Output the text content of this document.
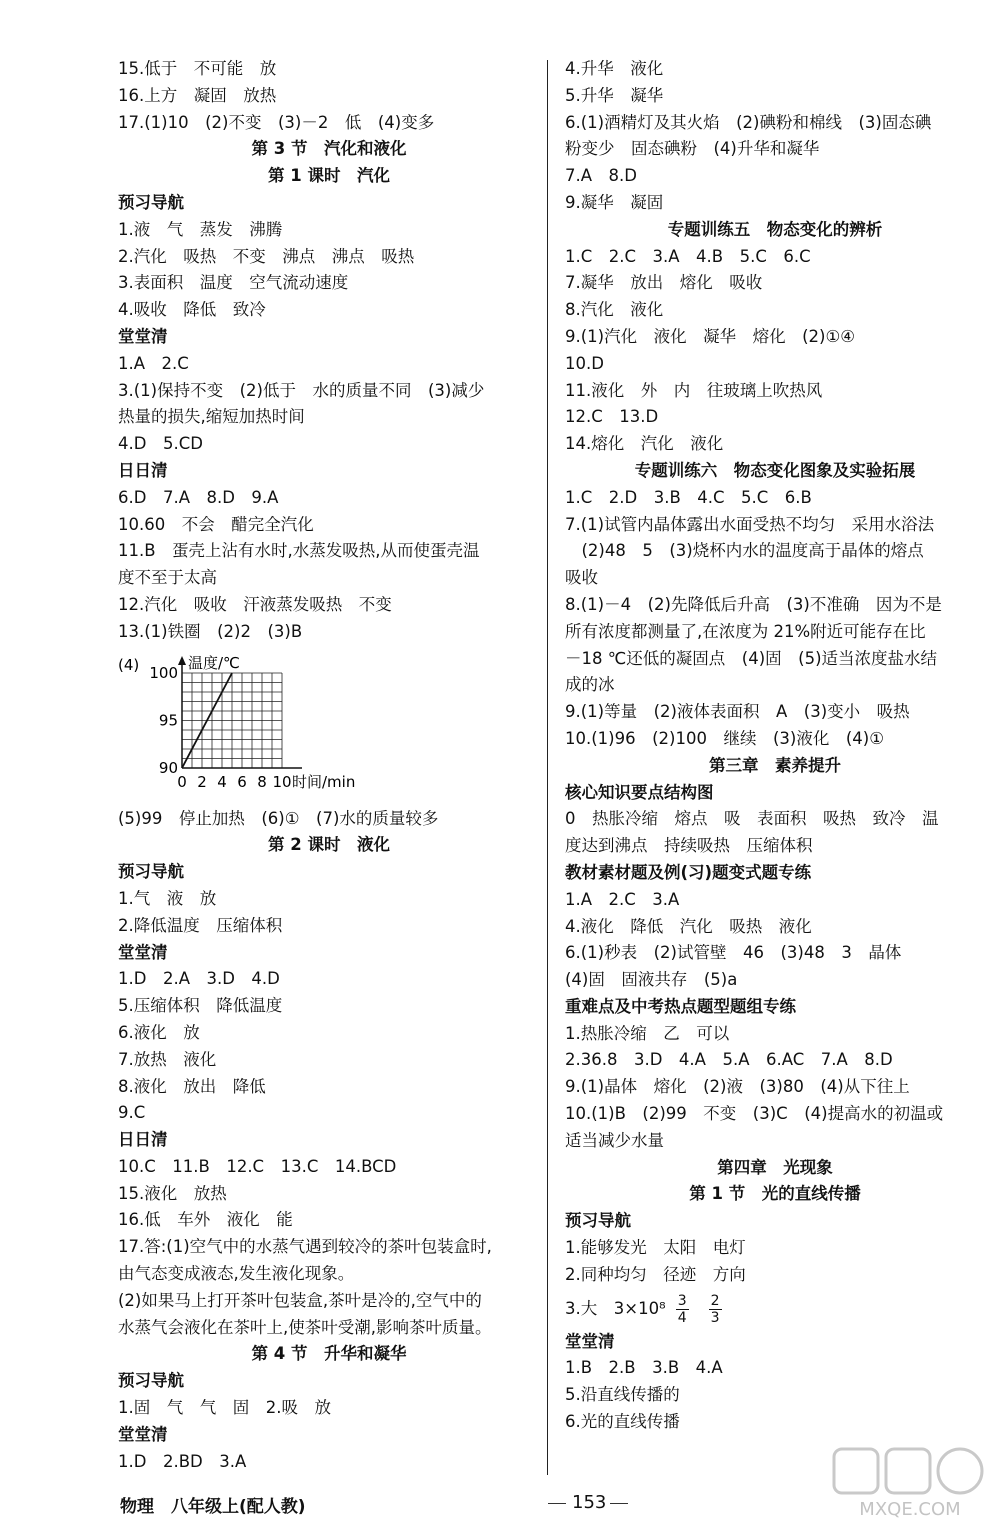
15.低于　不可能　放

16.上方　凝固　放热

17.(1)10　(2)不变　(3)－2　低　(4)变多

第 3 节　汽化和液化

第 1 课时　汽化

预习导航

1.液　气　蒸发　沸腾

2.汽化　吸热　不变　沸点　沸点　吸热

3.表面积　温度　空气流动速度

4.吸收　降低　致冷

堂堂清

1.A　2.C

3.(1)保持不变　(2)低于　水的质量不同　(3)减少

热量的损失,缩短加热时间

4.D　5.CD

日日清

6.D　7.A　8.D　9.A

10.60　不会　醋完全汽化

11.B　蛋壳上沾有水时,水蒸发吸热,从而使蛋壳温

度不至于太高

12.汽化　吸收　汗液蒸发吸热　不变

13.(1)铁圈　(2)2　(3)B

(4)	温度/℃
90
95
100
0 2 4 6 8 10 时间/min

(5)99　停止加热　(6)①　(7)水的质量较多

第 2 课时　液化

预习导航

1.气　液　放

2.降低温度　压缩体积

堂堂清

1.D　2.A　3.D　4.D

5.压缩体积　降低温度

6.液化　放

7.放热　液化

8.液化　放出　降低

9.C

日日清

10.C　11.B　12.C　13.C　14.BCD

15.液化　放热

16.低　车外　液化　能

17.答:(1)空气中的水蒸气遇到较冷的茶叶包装盒时,

由气态变成液态,发生液化现象。

(2)如果马上打开茶叶包装盒,茶叶是冷的,空气中的

水蒸气会液化在茶叶上,使茶叶受潮,影响茶叶质量。

第 4 节　升华和凝华

预习导航

1.固　气　气　固　2.吸　放

堂堂清

1.D　2.BD　3.A

4.升华　液化

5.升华　凝华

6.(1)酒精灯及其火焰　(2)碘粉和棉线　(3)固态碘

粉变少　固态碘粉　(4)升华和凝华

7.A　8.D

9.凝华　凝固

专题训练五　物态变化的辨析

1.C　2.C　3.A　4.B　5.C　6.C

7.凝华　放出　熔化　吸收

8.汽化　液化

9.(1)汽化　液化　凝华　熔化　(2)①④

10.D

11.液化　外　内　往玻璃上吹热风

12.C　13.D

14.熔化　汽化　液化

专题训练六　物态变化图象及实验拓展

1.C　2.D　3.B　4.C　5.C　6.B

7.(1)试管内晶体露出水面受热不均匀　采用水浴法

　(2)48　5　(3)烧杯内水的温度高于晶体的熔点

吸收

8.(1)－4　(2)先降低后升高　(3)不准确　因为不是

所有浓度都测量了,在浓度为 21%附近可能存在比

－18 ℃还低的凝固点　(4)固　(5)适当浓度盐水结

成的冰

9.(1)等量　(2)液体表面积　A　(3)变小　吸热

10.(1)96　(2)100　继续　(3)液化　(4)①

第三章　素养提升

核心知识要点结构图

0　热胀冷缩　熔点　吸　表面积　吸热　致冷　温

度达到沸点　持续吸热　压缩体积

教材素材题及例(习)题变式题专练

1.A　2.C　3.A

4.液化　降低　汽化　吸热　液化

6.(1)秒表　(2)试管壁　46　(3)48　3　晶体

(4)固　固液共存　(5)a

重难点及中考热点题型题组专练

1.热胀冷缩　乙　可以

2.36.8　3.D　4.A　5.A　6.AC　7.A　8.D

9.(1)晶体　熔化　(2)液　(3)80　(4)从下往上

10.(1)B　(2)99　不变　(3)C　(4)提高水的初温或

适当减少水量

第四章　光现象

第 1 节　光的直线传播

预习导航

1.能够发光　太阳　电灯

2.同种均匀　径迹　方向

3.大　$3\times 10^8 \frac{3}{4} \frac{2}{3}$

堂堂清

1.B　2.B　3.B　4.A

5.沿直线传播的

6.光的直线传播

物理　八年级上(配人教)	153	MXQE.COM
